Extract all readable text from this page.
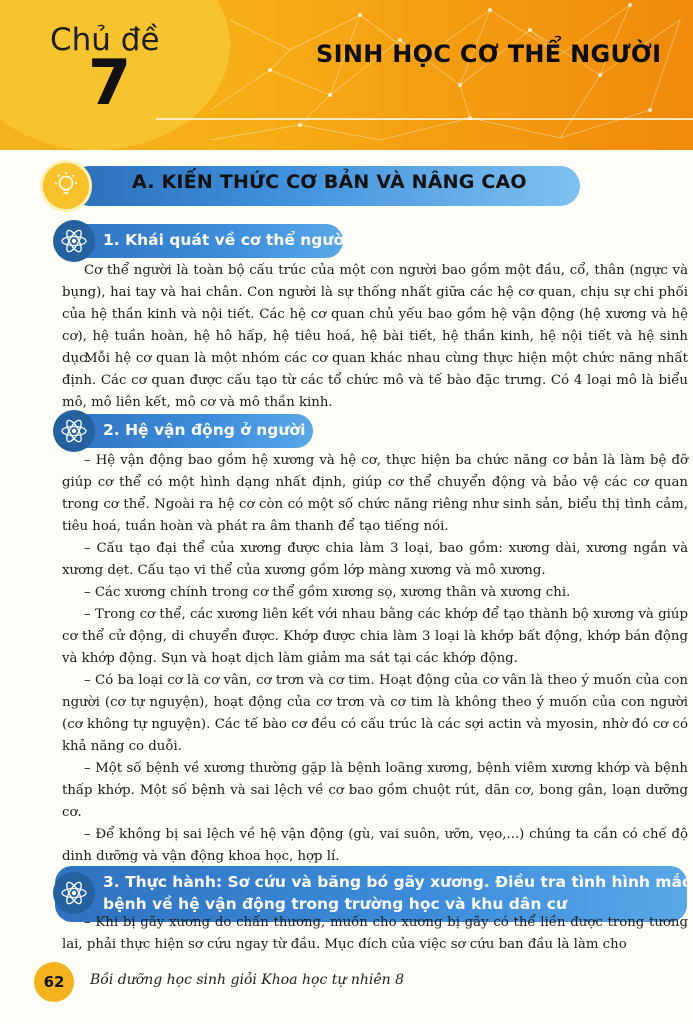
Chủ đề
7	SINH HỌC CƠ THỂ NGƯỜI
A. KIẾN THỨC CƠ BẢN VÀ NÂNG CAO
1. Khái quát về cơ thể người
Cơ thể người là toàn bộ cấu trúc của một con người bao gồm một đầu, cổ, thân (ngực và bụng), hai tay và hai chân. Con người là sự thống nhất giữa các hệ cơ quan, chịu sự chi phối của hệ thần kinh và nội tiết. Các hệ cơ quan chủ yếu bao gồm hệ vận động (hệ xương và hệ cơ), hệ tuần hoàn, hệ hô hấp, hệ tiêu hoá, hệ bài tiết, hệ thần kinh, hệ nội tiết và hệ sinh dục.
Mỗi hệ cơ quan là một nhóm các cơ quan khác nhau cùng thực hiện một chức năng nhất định. Các cơ quan được cấu tạo từ các tổ chức mô và tế bào đặc trưng. Có 4 loại mô là biểu mô, mô liên kết, mô cơ và mô thần kinh.
2. Hệ vận động ở người
– Hệ vận động bao gồm hệ xương và hệ cơ, thực hiện ba chức năng cơ bản là làm bệ đỡ giúp cơ thể có một hình dạng nhất định, giúp cơ thể chuyển động và bảo vệ các cơ quan trong cơ thể. Ngoài ra hệ cơ còn có một số chức năng riêng như sinh sản, biểu thị tình cảm, tiêu hoá, tuần hoàn và phát ra âm thanh để tạo tiếng nói.
– Cấu tạo đại thể của xương được chia làm 3 loại, bao gồm: xương dài, xương ngắn và xương dẹt. Cấu tạo vi thể của xương gồm lớp màng xương và mô xương.
– Các xương chính trong cơ thể gồm xương sọ, xương thân và xương chi.
– Trong cơ thể, các xương liên kết với nhau bằng các khớp để tạo thành bộ xương và giúp cơ thể cử động, di chuyển được. Khớp được chia làm 3 loại là khớp bất động, khớp bán động và khớp động. Sụn và hoạt dịch làm giảm ma sát tại các khớp động.
– Có ba loại cơ là cơ vân, cơ trơn và cơ tim. Hoạt động của cơ vân là theo ý muốn của con người (cơ tự nguyện), hoạt động của cơ trơn và cơ tim là không theo ý muốn của con người (cơ không tự nguyện). Các tế bào cơ đều có cấu trúc là các sợi actin và myosin, nhờ đó cơ có khả năng co duỗi.
– Một số bệnh về xương thường gặp là bệnh loãng xương, bệnh viêm xương khớp và bệnh thấp khớp. Một số bệnh và sai lệch về cơ bao gồm chuột rút, dãn cơ, bong gân, loạn dưỡng cơ.
– Để không bị sai lệch về hệ vận động (gù, vai suôn, ưỡn, vẹo,...) chúng ta cần có chế độ dinh dưỡng và vận động khoa học, hợp lí.
3. Thực hành: Sơ cứu và băng bó gãy xương. Điều tra tình hình mắc
bệnh về hệ vận động trong trường học và khu dân cư
– Khi bị gãy xương do chấn thương, muốn cho xương bị gãy có thể liền được trong tương lai, phải thực hiện sơ cứu ngay từ đầu. Mục đích của việc sơ cứu ban đầu là làm cho
62	Bồi dưỡng học sinh giỏi Khoa học tự nhiên 8
